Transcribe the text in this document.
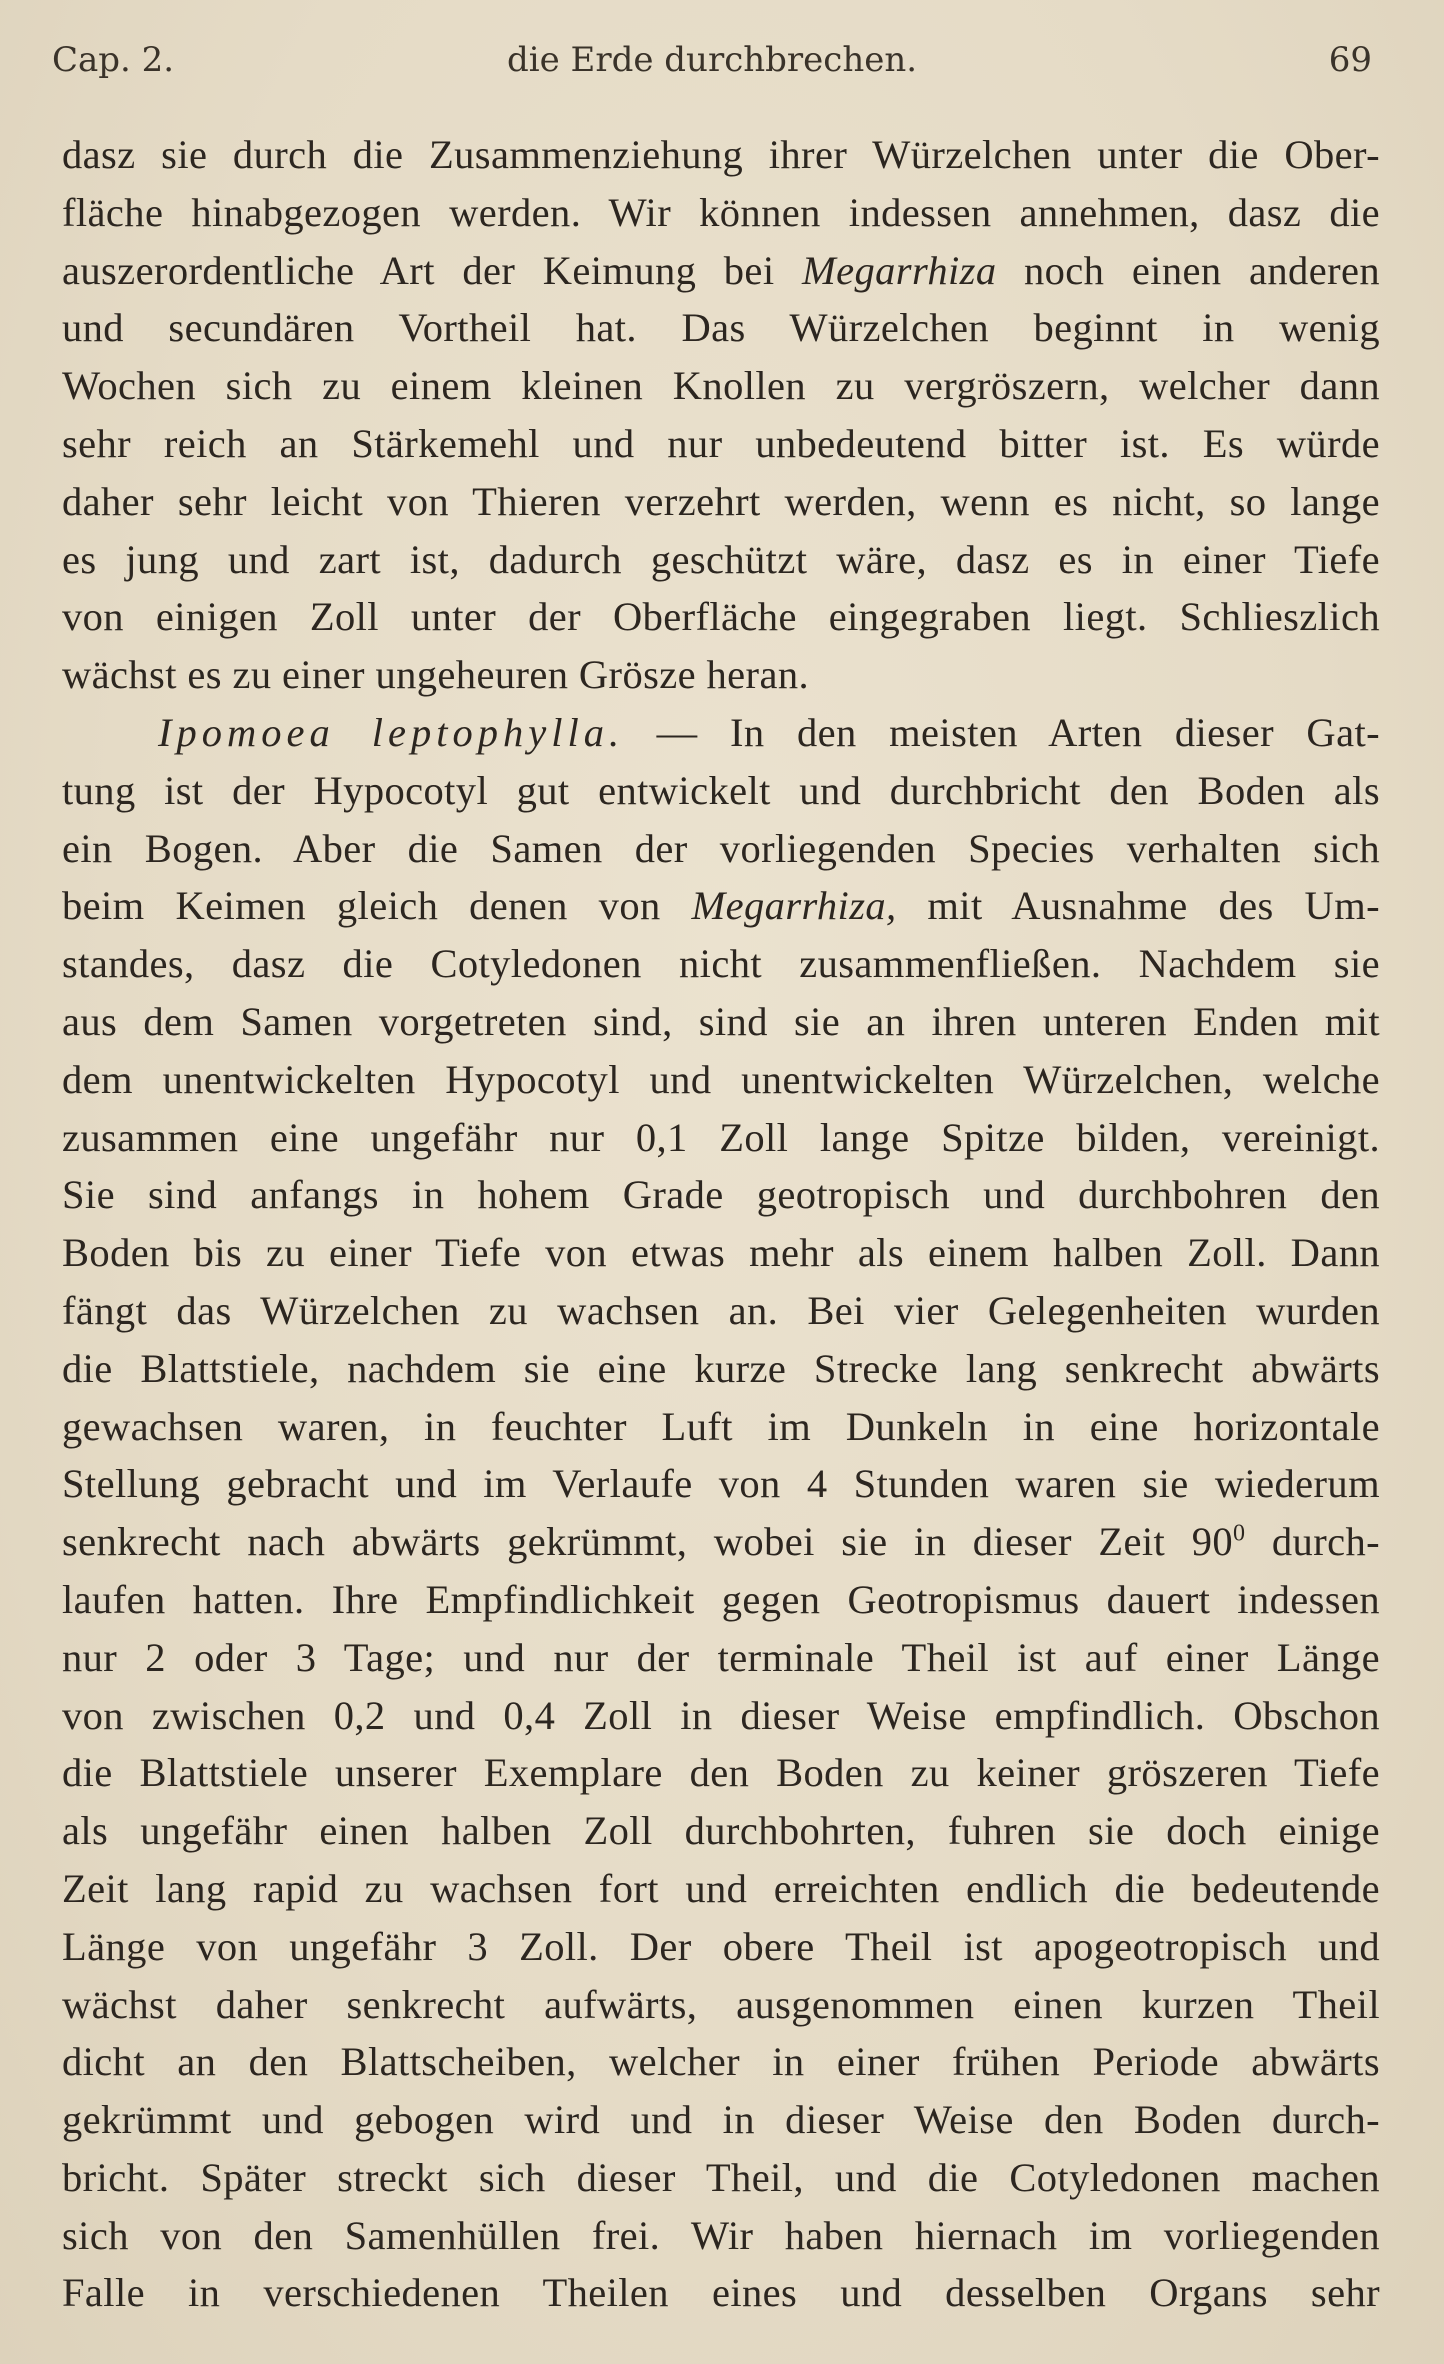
Cap. 2.	die Erde durchbrechen.	69
dasz sie durch die Zusammenziehung ihrer Würzelchen unter die Ober-
fläche hinabgezogen werden. Wir können indessen annehmen, dasz die
auszerordentliche Art der Keimung bei Megarrhiza noch einen anderen
und secundären Vortheil hat. Das Würzelchen beginnt in wenig
Wochen sich zu einem kleinen Knollen zu vergröszern, welcher dann
sehr reich an Stärkemehl und nur unbedeutend bitter ist. Es würde
daher sehr leicht von Thieren verzehrt werden, wenn es nicht, so lange
es jung und zart ist, dadurch geschützt wäre, dasz es in einer Tiefe
von einigen Zoll unter der Oberfläche eingegraben liegt. Schlieszlich
wächst es zu einer ungeheuren Grösze heran.
Ipomoea leptophylla. — In den meisten Arten dieser Gat-
tung ist der Hypocotyl gut entwickelt und durchbricht den Boden als
ein Bogen. Aber die Samen der vorliegenden Species verhalten sich
beim Keimen gleich denen von Megarrhiza, mit Ausnahme des Um-
standes, dasz die Cotyledonen nicht zusammenfließen. Nachdem sie
aus dem Samen vorgetreten sind, sind sie an ihren unteren Enden mit
dem unentwickelten Hypocotyl und unentwickelten Würzelchen, welche
zusammen eine ungefähr nur 0,1 Zoll lange Spitze bilden, vereinigt.
Sie sind anfangs in hohem Grade geotropisch und durchbohren den
Boden bis zu einer Tiefe von etwas mehr als einem halben Zoll. Dann
fängt das Würzelchen zu wachsen an. Bei vier Gelegenheiten wurden
die Blattstiele, nachdem sie eine kurze Strecke lang senkrecht abwärts
gewachsen waren, in feuchter Luft im Dunkeln in eine horizontale
Stellung gebracht und im Verlaufe von 4 Stunden waren sie wiederum
senkrecht nach abwärts gekrümmt, wobei sie in dieser Zeit $90^0$ durch-
laufen hatten. Ihre Empfindlichkeit gegen Geotropismus dauert indessen
nur 2 oder 3 Tage; und nur der terminale Theil ist auf einer Länge
von zwischen 0,2 und 0,4 Zoll in dieser Weise empfindlich. Obschon
die Blattstiele unserer Exemplare den Boden zu keiner gröszeren Tiefe
als ungefähr einen halben Zoll durchbohrten, fuhren sie doch einige
Zeit lang rapid zu wachsen fort und erreichten endlich die bedeutende
Länge von ungefähr 3 Zoll. Der obere Theil ist apogeotropisch und
wächst daher senkrecht aufwärts, ausgenommen einen kurzen Theil
dicht an den Blattscheiben, welcher in einer frühen Periode abwärts
gekrümmt und gebogen wird und in dieser Weise den Boden durch-
bricht. Später streckt sich dieser Theil, und die Cotyledonen machen
sich von den Samenhüllen frei. Wir haben hiernach im vorliegenden
Falle in verschiedenen Theilen eines und desselben Organs sehr
